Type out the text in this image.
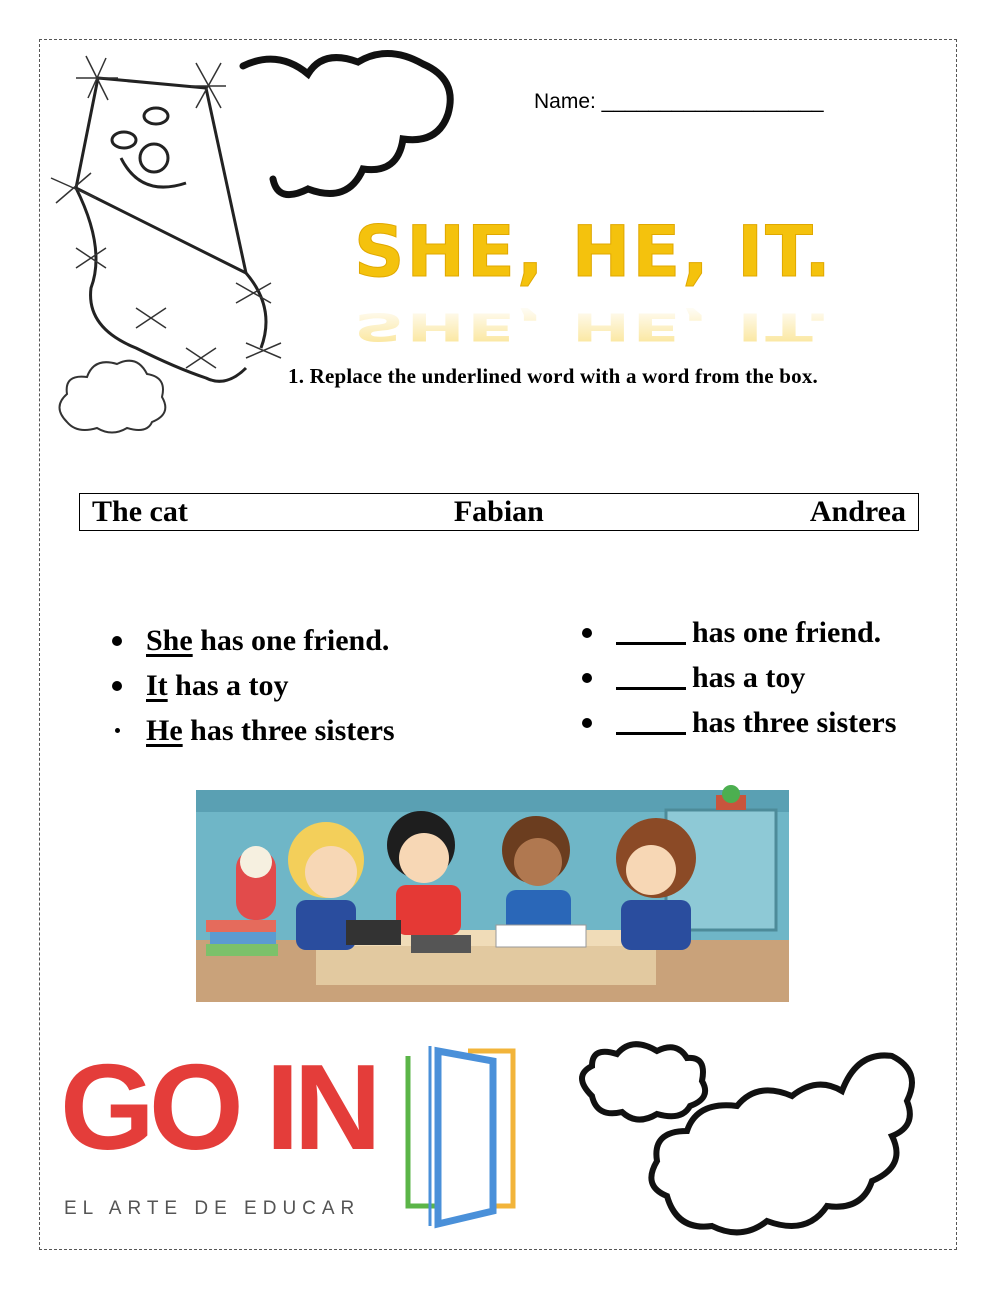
Name: ___________________
SHE, HE, IT.
SHE, HE, IT.
1. Replace the underlined word with a word from the box.
The cat	Fabian	Andrea
She has one friend.
It has a toy
He has three sisters
has one friend.
has a toy
has three sisters
GO IN
EL ARTE DE EDUCAR
